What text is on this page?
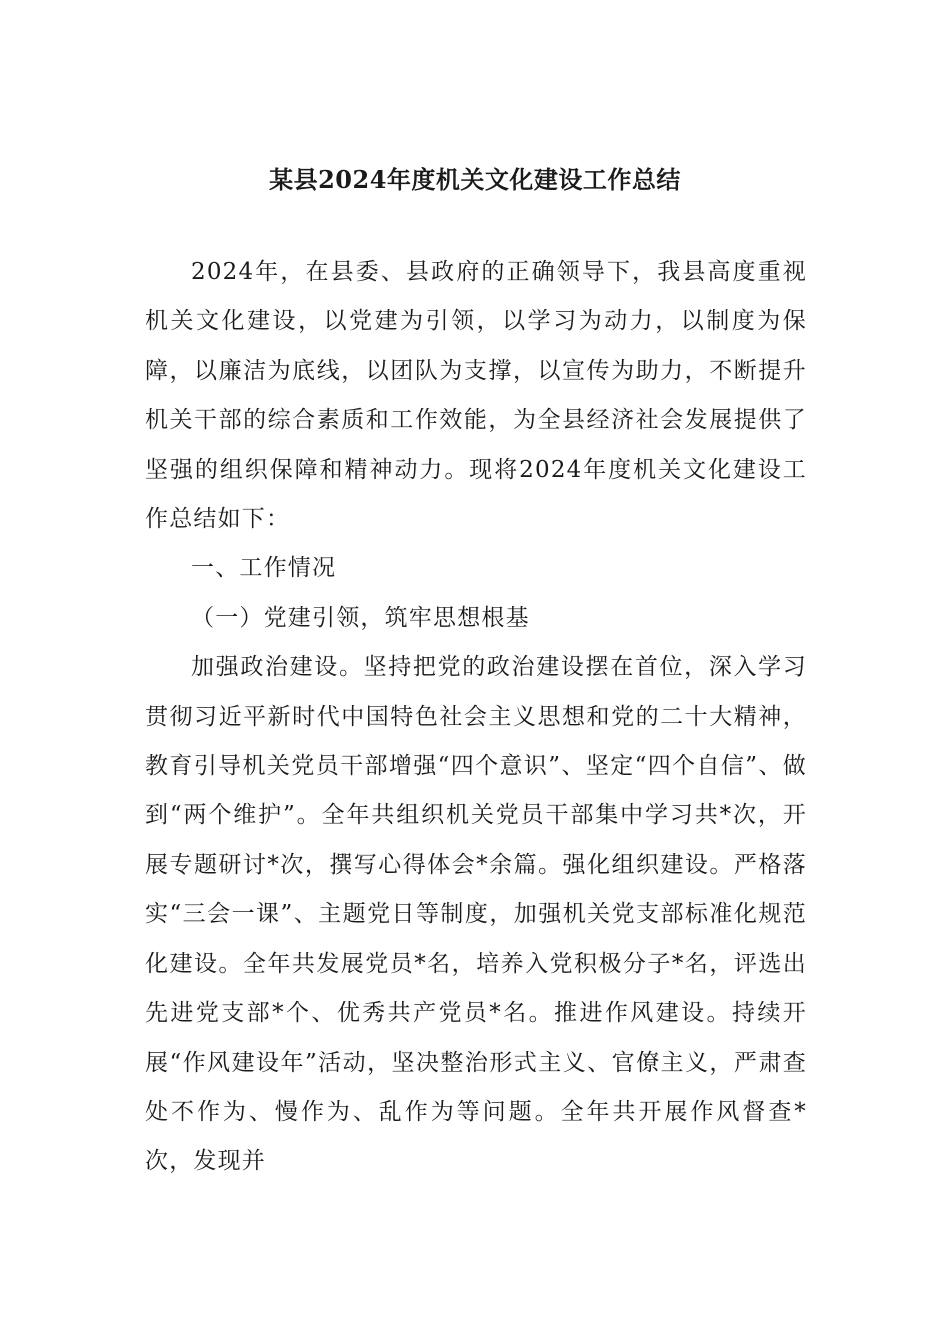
某县2024年度机关文化建设工作总结

2024年，在县委、县政府的正确领导下，我县高度重视机关文化建设，以党建为引领，以学习为动力，以制度为保障，以廉洁为底线，以团队为支撑，以宣传为助力，不断提升机关干部的综合素质和工作效能，为全县经济社会发展提供了坚强的组织保障和精神动力。现将2024年度机关文化建设工作总结如下：

一、工作情况

（一）党建引领，筑牢思想根基

加强政治建设。坚持把党的政治建设摆在首位，深入学习贯彻习近平新时代中国特色社会主义思想和党的二十大精神，教育引导机关党员干部增强“四个意识”、坚定“四个自信”、做到“两个维护”。全年共组织机关党员干部集中学习共*次，开展专题研讨*次，撰写心得体会*余篇。强化组织建设。严格落实“三会一课”、主题党日等制度，加强机关党支部标准化规范化建设。全年共发展党员*名，培养入党积极分子*名，评选出先进党支部*个、优秀共产党员*名。推进作风建设。持续开展“作风建设年”活动，坚决整治形式主义、官僚主义，严肃查处不作为、慢作为、乱作为等问题。全年共开展作风督查*次，发现并
